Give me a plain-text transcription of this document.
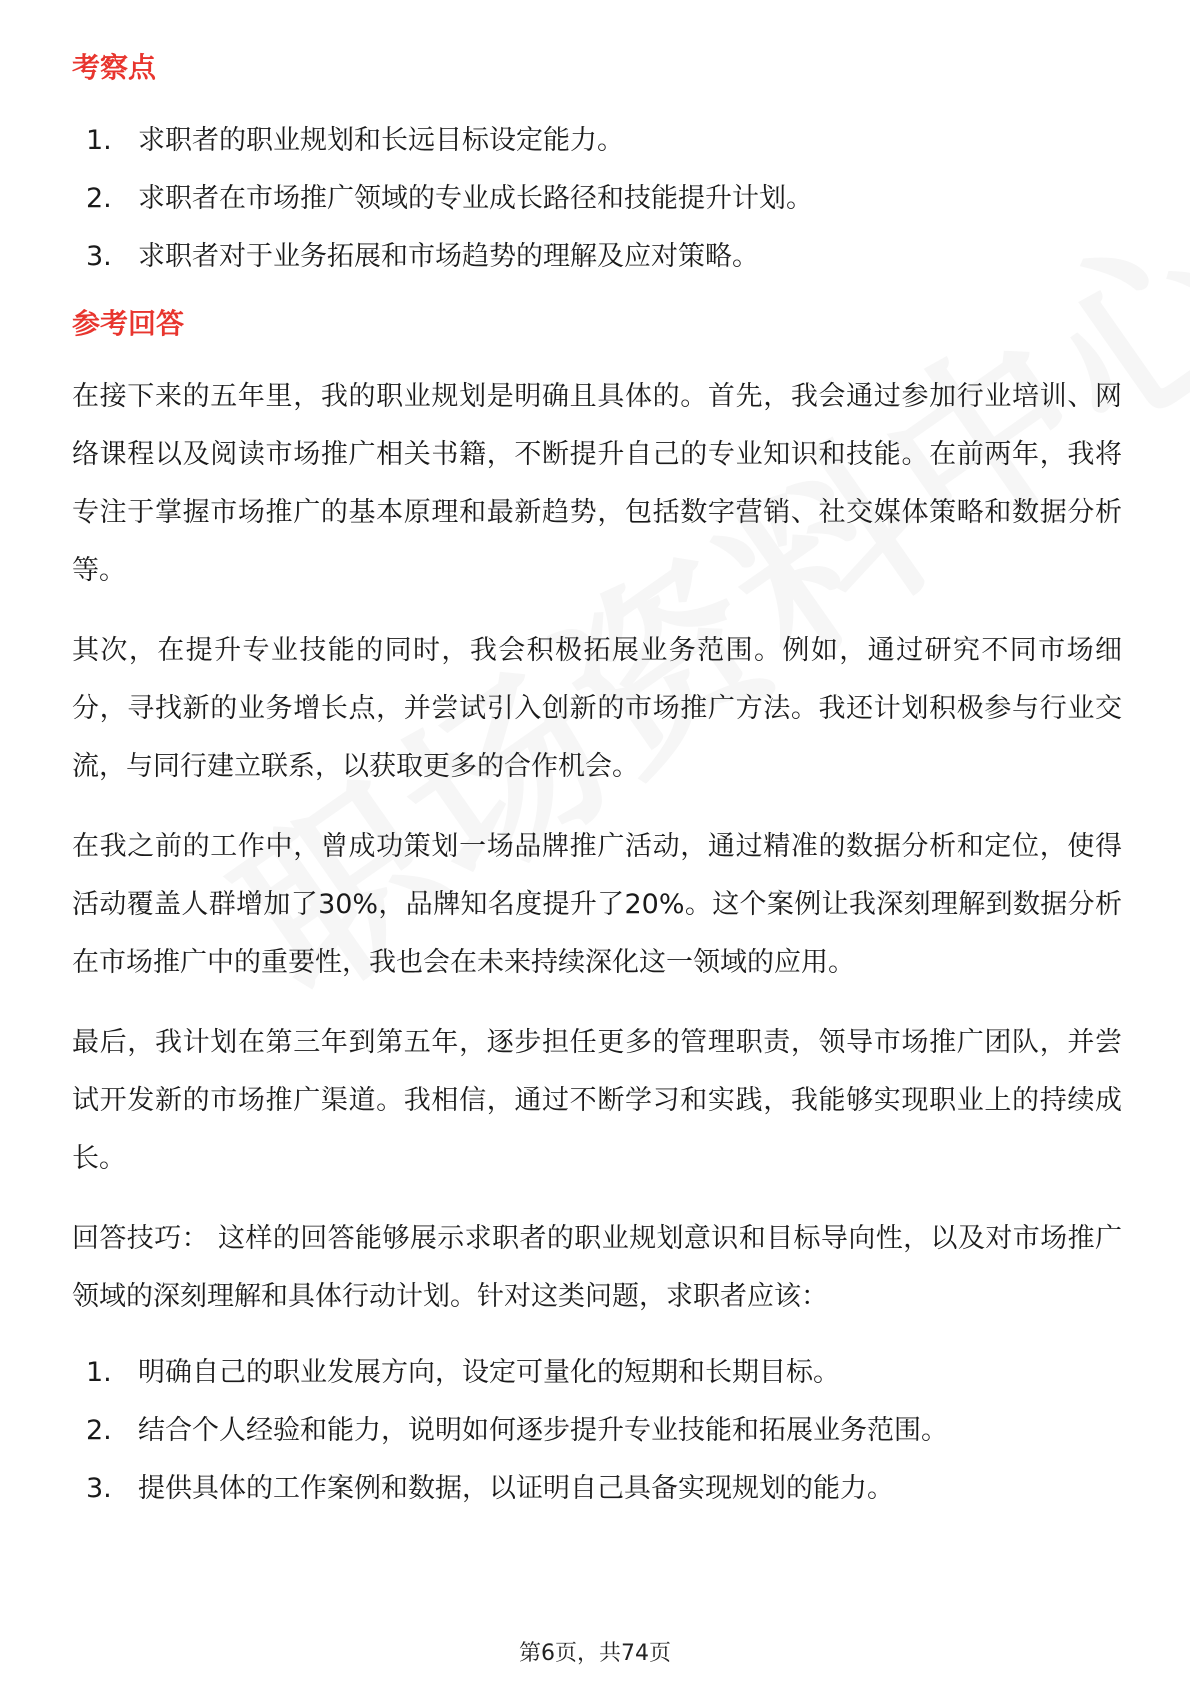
考察点
1. 求职者的职业规划和长远目标设定能力。
2. 求职者在市场推广领域的专业成长路径和技能提升计划。
3. 求职者对于业务拓展和市场趋势的理解及应对策略。
参考回答

在接下来的五年里，我的职业规划是明确且具体的。首先，我会通过参加行业培训、网络课程以及阅读市场推广相关书籍，不断提升自己的专业知识和技能。在前两年，我将专注于掌握市场推广的基本原理和最新趋势，包括数字营销、社交媒体策略和数据分析等。

其次，在提升专业技能的同时，我会积极拓展业务范围。例如，通过研究不同市场细分，寻找新的业务增长点，并尝试引入创新的市场推广方法。我还计划积极参与行业交流，与同行建立联系，以获取更多的合作机会。

在我之前的工作中，曾成功策划一场品牌推广活动，通过精准的数据分析和定位，使得活动覆盖人群增加了30%，品牌知名度提升了20%。这个案例让我深刻理解到数据分析在市场推广中的重要性，我也会在未来持续深化这一领域的应用。

最后，我计划在第三年到第五年，逐步担任更多的管理职责，领导市场推广团队，并尝试开发新的市场推广渠道。我相信，通过不断学习和实践，我能够实现职业上的持续成长。

回答技巧： 这样的回答能够展示求职者的职业规划意识和目标导向性，以及对市场推广领域的深刻理解和具体行动计划。针对这类问题，求职者应该：

1. 明确自己的职业发展方向，设定可量化的短期和长期目标。
2. 结合个人经验和能力，说明如何逐步提升专业技能和拓展业务范围。
3. 提供具体的工作案例和数据，以证明自己具备实现规划的能力。
第6页，共74页
